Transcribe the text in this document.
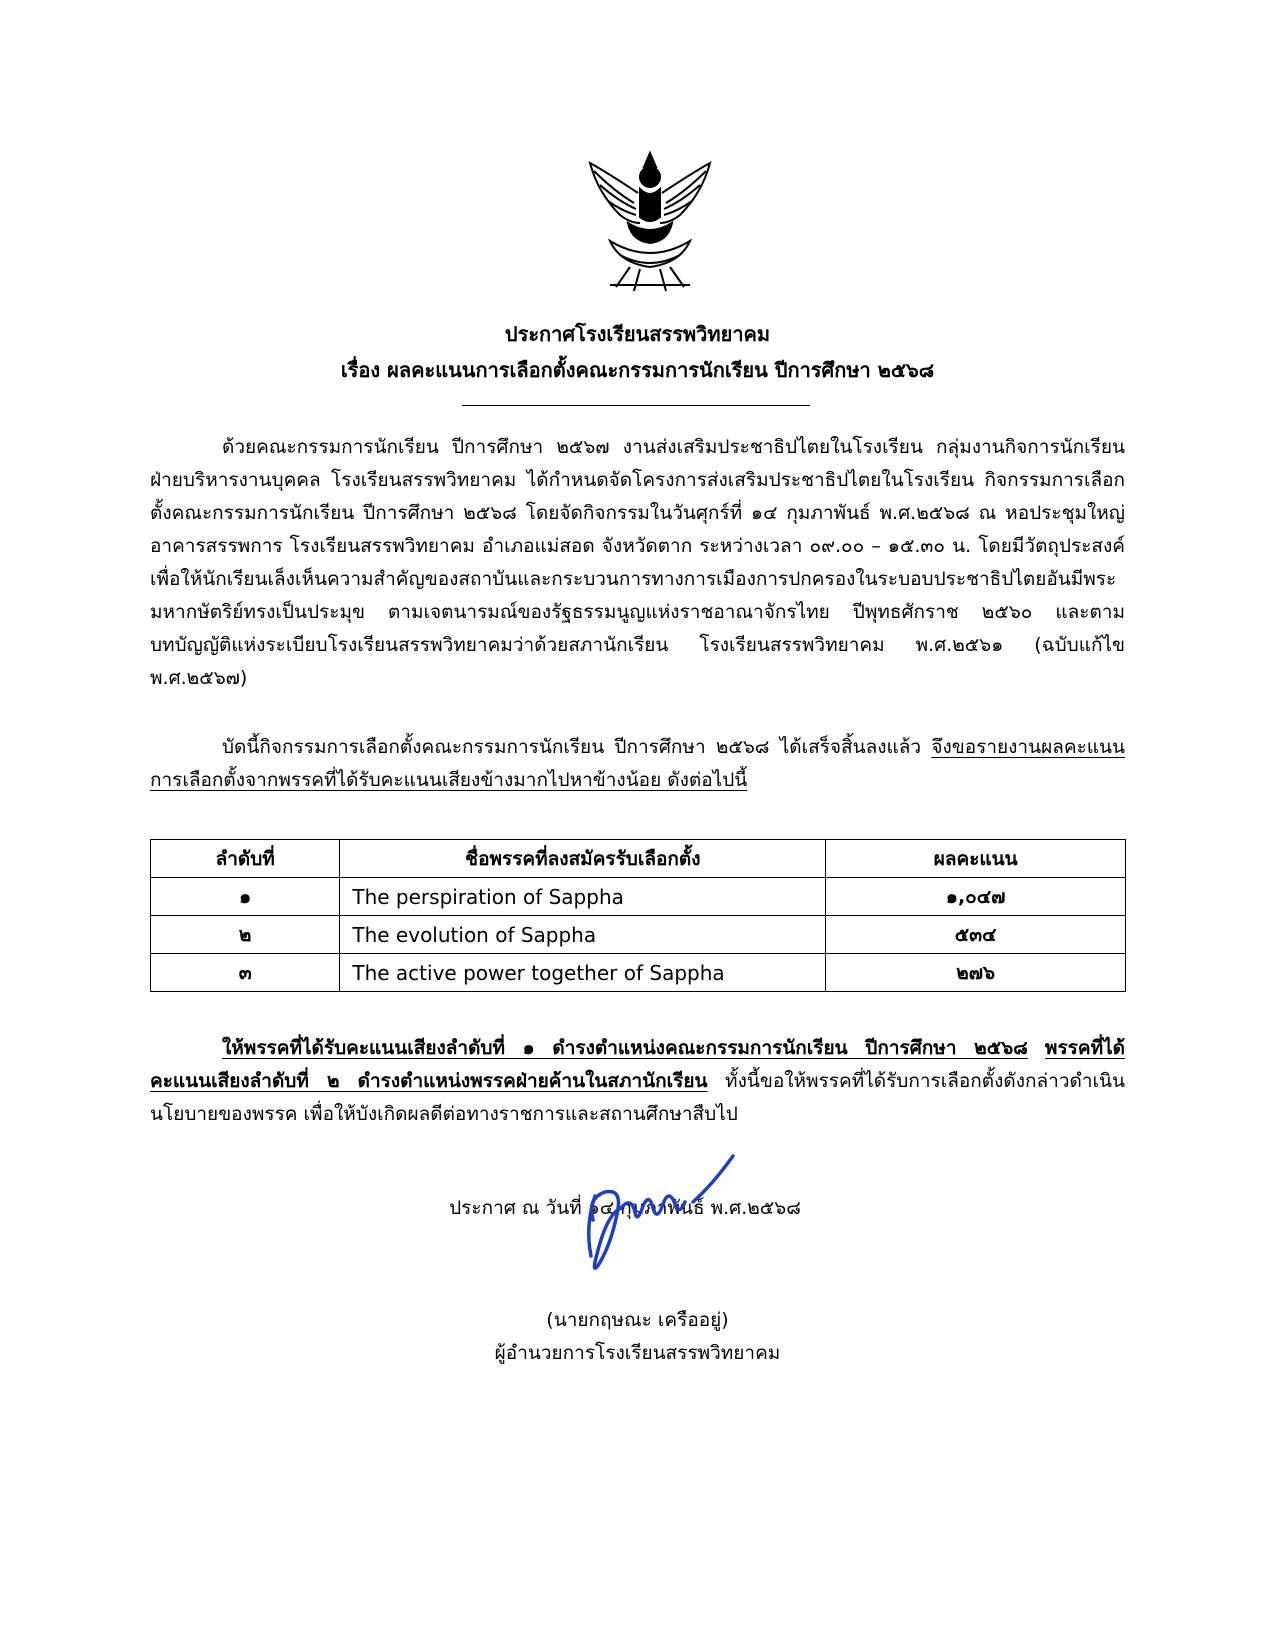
ประกาศโรงเรียนสรรพวิทยาคม
เรื่อง ผลคะแนนการเลือกตั้งคณะกรรมการนักเรียน ปีการศึกษา ๒๕๖๘
ด้วยคณะกรรมการนักเรียน ปีการศึกษา ๒๕๖๗ งานส่งเสริมประชาธิปไตยในโรงเรียน กลุ่มงานกิจการนักเรียน ฝ่ายบริหารงานบุคคล โรงเรียนสรรพวิทยาคม ได้กำหนดจัดโครงการส่งเสริมประชาธิปไตยในโรงเรียน กิจกรรมการเลือกตั้งคณะกรรมการนักเรียน ปีการศึกษา ๒๕๖๘ โดยจัดกิจกรรมในวันศุกร์ที่ ๑๔ กุมภาพันธ์ พ.ศ.๒๕๖๘ ณ หอประชุมใหญ่ อาคารสรรพการ โรงเรียนสรรพวิทยาคม อำเภอแม่สอด จังหวัดตาก ระหว่างเวลา ๐๙.๐๐ – ๑๕.๓๐ น. โดยมีวัตถุประสงค์เพื่อให้นักเรียนเล็งเห็นความสำคัญของสถาบันและกระบวนการทางการเมืองการปกครองในระบอบประชาธิปไตยอันมีพระมหากษัตริย์ทรงเป็นประมุข ตามเจตนารมณ์ของรัฐธรรมนูญแห่งราชอาณาจักรไทย ปีพุทธศักราช ๒๕๖๐ และตามบทบัญญัติแห่งระเบียบโรงเรียนสรรพวิทยาคมว่าด้วยสภานักเรียน โรงเรียนสรรพวิทยาคม พ.ศ.๒๕๖๑ (ฉบับแก้ไข พ.ศ.๒๕๖๗)
บัดนี้กิจกรรมการเลือกตั้งคณะกรรมการนักเรียน ปีการศึกษา ๒๕๖๘ ได้เสร็จสิ้นลงแล้ว จึงขอรายงานผลคะแนนการเลือกตั้งจากพรรคที่ได้รับคะแนนเสียงข้างมากไปหาข้างน้อย ดังต่อไปนี้
ลำดับที่	ชื่อพรรคที่ลงสมัครรับเลือกตั้ง	ผลคะแนน
๑	The perspiration of Sappha	๑,๐๔๗
๒	The evolution of Sappha	๕๓๔
๓	The active power together of Sappha	๒๗๖
ให้พรรคที่ได้รับคะแนนเสียงลำดับที่ ๑ ดำรงตำแหน่งคณะกรรมการนักเรียน ปีการศึกษา ๒๕๖๘ พรรคที่ได้คะแนนเสียงลำดับที่ ๒ ดำรงตำแหน่งพรรคฝ่ายค้านในสภานักเรียน ทั้งนี้ขอให้พรรคที่ได้รับการเลือกตั้งดังกล่าวดำเนินนโยบายของพรรค เพื่อให้บังเกิดผลดีต่อทางราชการและสถานศึกษาสืบไป
ประกาศ ณ วันที่ ๑๔ กุมภาพันธ์ พ.ศ.๒๕๖๘
(นายกฤษณะ เครืออยู่)
ผู้อำนวยการโรงเรียนสรรพวิทยาคม
